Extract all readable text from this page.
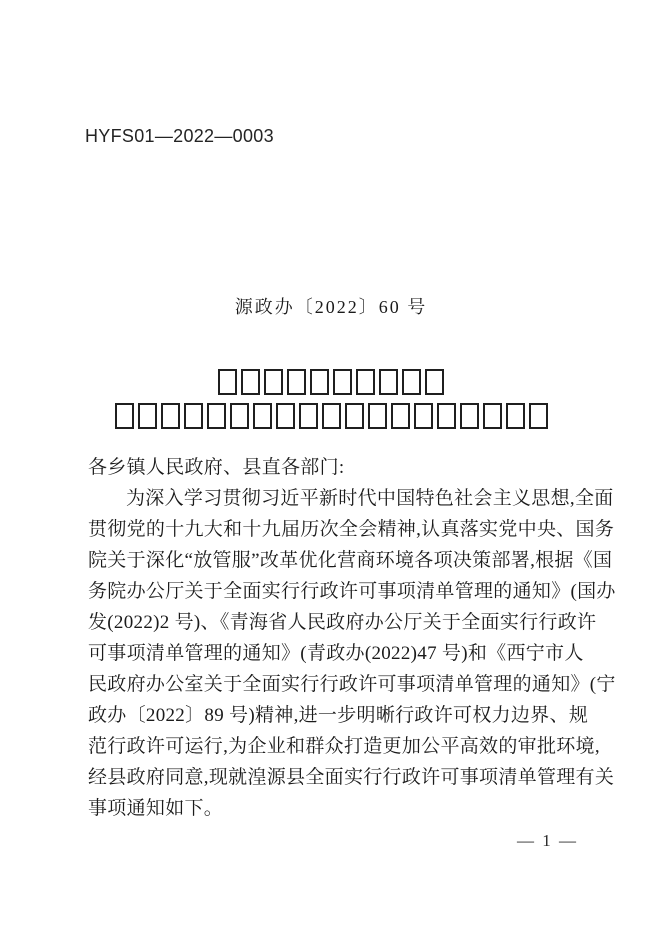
HYFS01—2022—0003
源政办〔2022〕60 号
各乡镇人民政府、县直各部门:
为深入学习贯彻习近平新时代中国特色社会主义思想,全面
贯彻党的十九大和十九届历次全会精神,认真落实党中央、国务
院关于深化“放管服”改革优化营商环境各项决策部署,根据《国
务院办公厅关于全面实行行政许可事项清单管理的通知》(国办
发(2022)2 号)、《青海省人民政府办公厅关于全面实行行政许
可事项清单管理的通知》(青政办(2022)47 号)和《西宁市人
民政府办公室关于全面实行行政许可事项清单管理的通知》(宁
政办〔2022〕89 号)精神,进一步明晰行政许可权力边界、规
范行政许可运行,为企业和群众打造更加公平高效的审批环境,
经县政府同意,现就湟源县全面实行行政许可事项清单管理有关
事项通知如下。
— 1 —
